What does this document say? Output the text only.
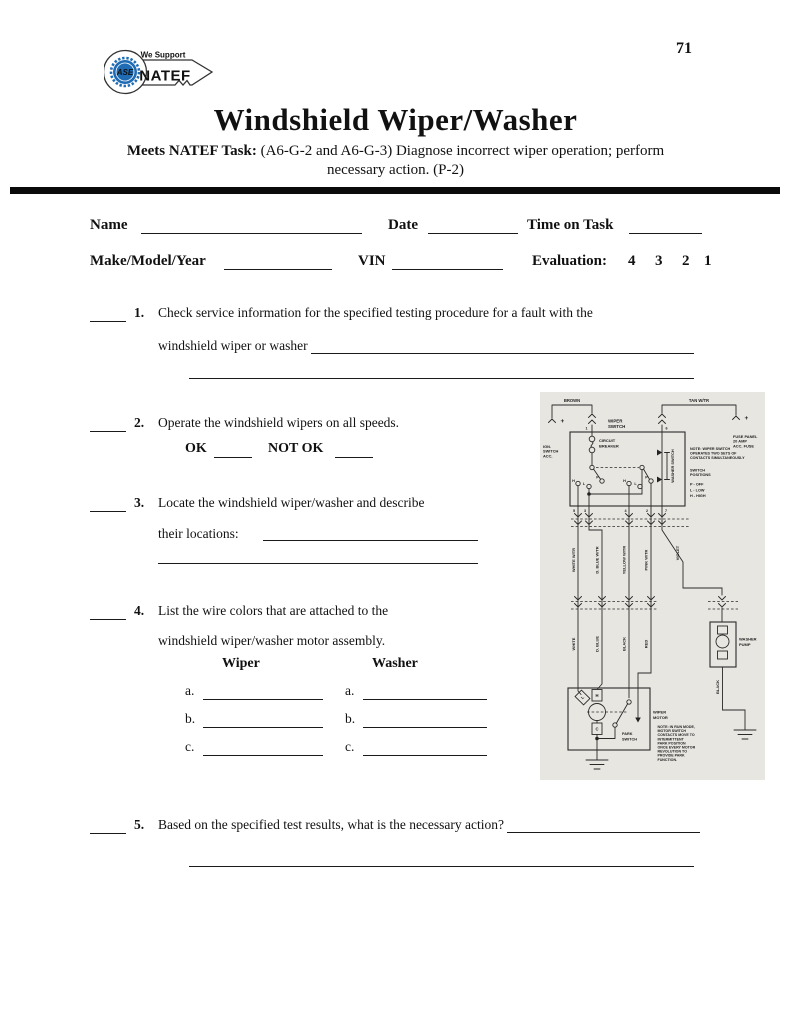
71
ASE
We Support
NATEF
Windshield Wiper/Washer
Meets NATEF Task: (A6-G-2 and A6-G-3) Diagnose incorrect wiper operation; perform
necessary action. (P-2)
Name	Date	Time on Task
Make/Model/Year	VIN	Evaluation: 4 3 2 1
1. Check service information for the specified testing procedure for a fault with the
windshield wiper or washer
2. Operate the windshield wipers on all speeds.
OK	NOT OK
3. Locate the windshield wiper/washer and describe
their locations:
4. List the wire colors that are attached to the
windshield wiper/washer motor assembly.
Wiper	Washer
a.	a.
b.	b.
c.	c.
5. Based on the specified test results, what is the necessary action?
BROWN	TAN W/TR
+	+
IGN.
SWITCH
ACC.
FUSE PANEL
20 AMP
ACC. FUSE
1	6
WIPER
SWITCH
CIRCUIT
BREAKER
H
L
P
H
L
P	WASHER SWITCH
NOTE: WIPER SWITCH
OPERATES TWO SETS OF
CONTACTS SIMULTANEOUSLY
SWITCH
POSITIONS
P - OFF
L - LOW
H - HIGH
5 3	4	2	7
WHITE W/TR	D. BLUE W/TR	YELLOW W/TR	PINK W/TR	VIOLET
WHITE	D. BLUE	BLACK	RED
L H
C
PARK
SWITCH
WIPER
MOTOR
WASHER
PUMP
BLACK
NOTE: IN RUN MODE,
MOTOR SWITCH
CONTACTS MOVE TO
INTERMITTENT
PARK POSITION
ONCE EVERY MOTOR
REVOLUTION TO
PROVIDE PARK
FUNCTION.
